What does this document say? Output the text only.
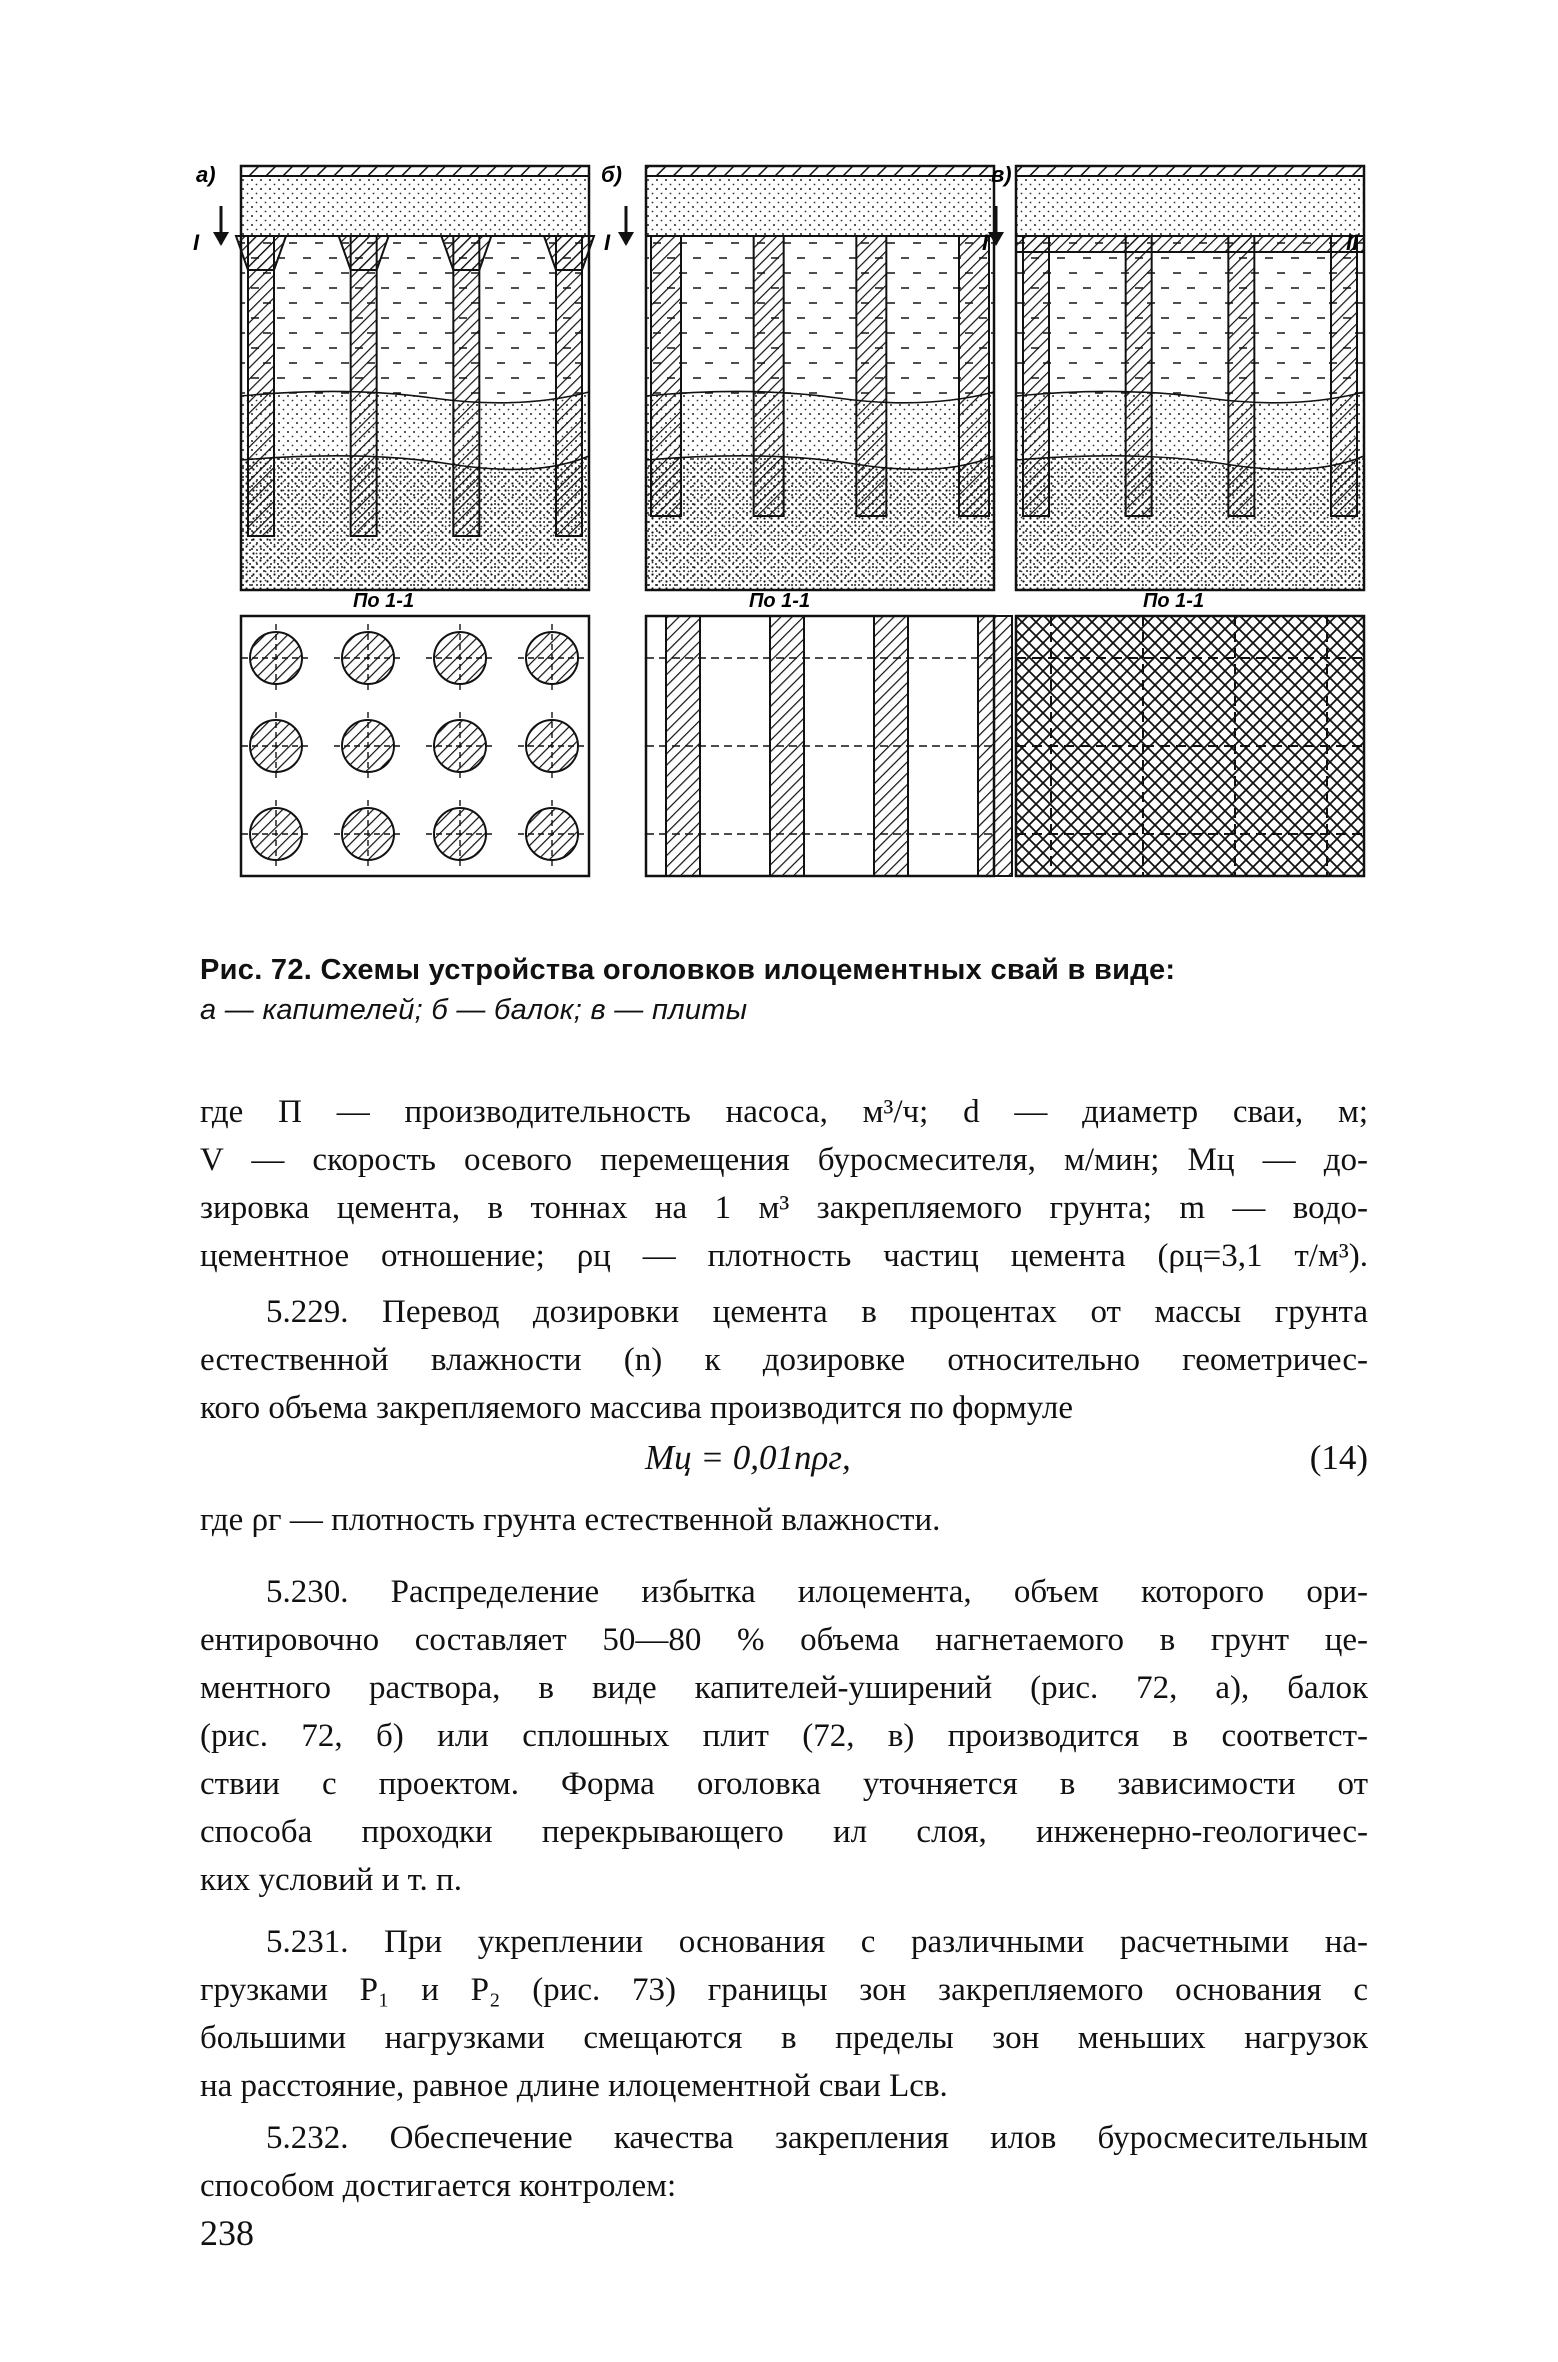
а)	б)	в)
I	I	I	II
По 1-1	По 1-1	По 1-1
Рис. 72. Схемы устройства оголовков илоцементных свай в виде:
а — капителей; б — балок; в — плиты
где П — производительность насоса, м³/ч; d — диаметр сваи, м;
V — скорость осевого перемещения буросмесителя, м/мин; Mц — до-
зировка цемента, в тоннах на 1 м³ закрепляемого грунта; m — водо-
цементное отношение; ρц — плотность частиц цемента (ρц=3,1 т/м³).
5.229. Перевод дозировки цемента в процентах от массы грунта
естественной влажности (n) к дозировке относительно геометричес-
кого объема закрепляемого массива производится по формуле
Mц = 0,01nρг,	(14)
где ρг — плотность грунта естественной влажности.
5.230. Распределение избытка илоцемента, объем которого ори-
ентировочно составляет 50—80 % объема нагнетаемого в грунт це-
ментного раствора, в виде капителей-уширений (рис. 72, а), балок
(рис. 72, б) или сплошных плит (72, в) производится в соответст-
ствии с проектом. Форма оголовка уточняется в зависимости от
способа проходки перекрывающего ил слоя, инженерно-геологичес-
ких условий и т. п.
5.231. При укреплении основания с различными расчетными на-
грузками P₁ и P₂ (рис. 73) границы зон закрепляемого основания с
большими нагрузками смещаются в пределы зон меньших нагрузок
на расстояние, равное длине илоцементной сваи Lсв.
5.232. Обеспечение качества закрепления илов буросмесительным
способом достигается контролем:
238
